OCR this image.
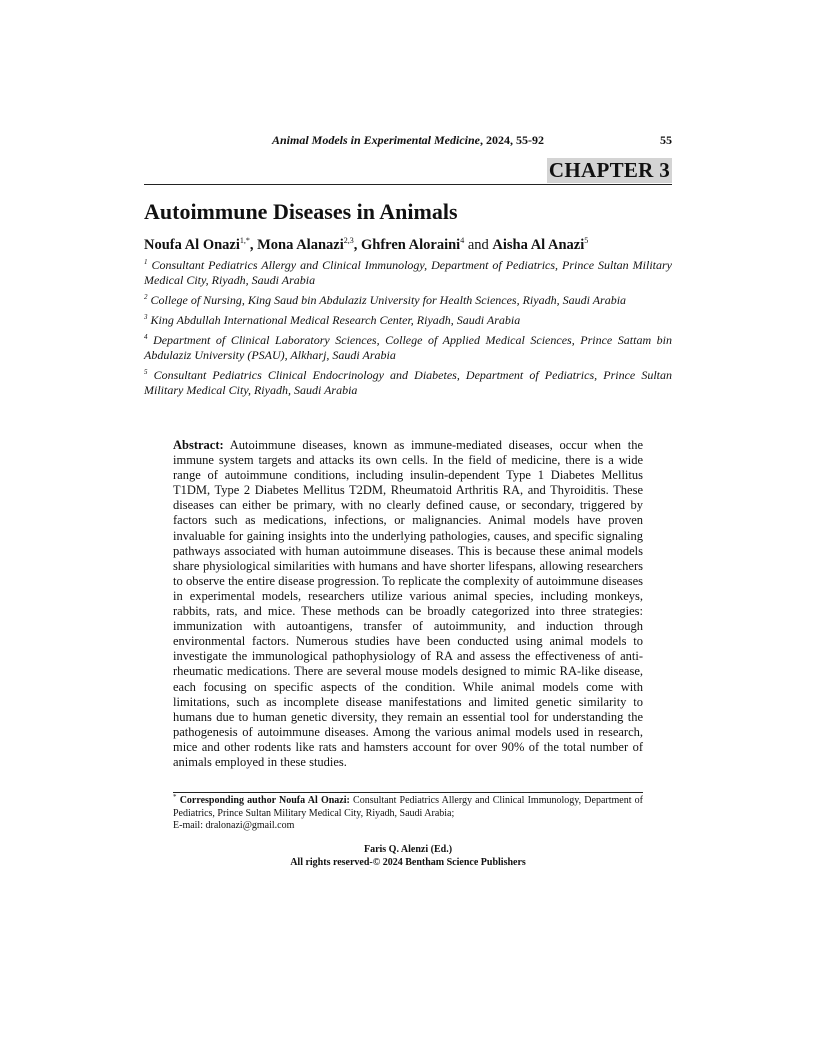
Animal Models in Experimental Medicine, 2024, 55-92	55
CHAPTER 3
Autoimmune Diseases in Animals
Noufa Al Onazi$^{1,*}$, Mona Alanazi$^{2,3}$, Ghfren Aloraini$^4$ and Aisha Al Anazi$^5$

$^1$ Consultant Pediatrics Allergy and Clinical Immunology, Department of Pediatrics, Prince Sultan Military Medical City, Riyadh, Saudi Arabia

$^2$ College of Nursing, King Saud bin Abdulaziz University for Health Sciences, Riyadh, Saudi Arabia

$^3$ King Abdullah International Medical Research Center, Riyadh, Saudi Arabia

$^4$ Department of Clinical Laboratory Sciences, College of Applied Medical Sciences, Prince Sattam bin Abdulaziz University (PSAU), Alkharj, Saudi Arabia

$^5$ Consultant Pediatrics Clinical Endocrinology and Diabetes, Department of Pediatrics, Prince Sultan Military Medical City, Riyadh, Saudi Arabia

Abstract: Autoimmune diseases, known as immune-mediated diseases, occur when the immune system targets and attacks its own cells. In the field of medicine, there is a wide range of autoimmune conditions, including insulin-dependent Type 1 Diabetes Mellitus T1DM, Type 2 Diabetes Mellitus T2DM, Rheumatoid Arthritis RA, and Thyroiditis. These diseases can either be primary, with no clearly defined cause, or secondary, triggered by factors such as medications, infections, or malignancies. Animal models have proven invaluable for gaining insights into the underlying pathologies, causes, and specific signaling pathways associated with human autoimmune diseases. This is because these animal models share physiological similarities with humans and have shorter lifespans, allowing researchers to observe the entire disease progression. To replicate the complexity of autoimmune diseases in experimental models, researchers utilize various animal species, including monkeys, rabbits, rats, and mice. These methods can be broadly categorized into three strategies: immunization with autoantigens, transfer of autoimmunity, and induction through environmental factors. Numerous studies have been conducted using animal models to investigate the immunological pathophysiology of RA and assess the effectiveness of anti-rheumatic medications. There are several mouse models designed to mimic RA-like disease, each focusing on specific aspects of the condition. While animal models come with limitations, such as incomplete disease manifestations and limited genetic similarity to humans due to human genetic diversity, they remain an essential tool for understanding the pathogenesis of autoimmune diseases. Among the various animal models used in research, mice and other rodents like rats and hamsters account for over 90% of the total number of animals employed in these studies.

* Corresponding author Noufa Al Onazi: Consultant Pediatrics Allergy and Clinical Immunology, Department of Pediatrics, Prince Sultan Military Medical City, Riyadh, Saudi Arabia;
E-mail: dralonazi@gmail.com

Faris Q. Alenzi (Ed.)
All rights reserved-© 2024 Bentham Science Publishers
